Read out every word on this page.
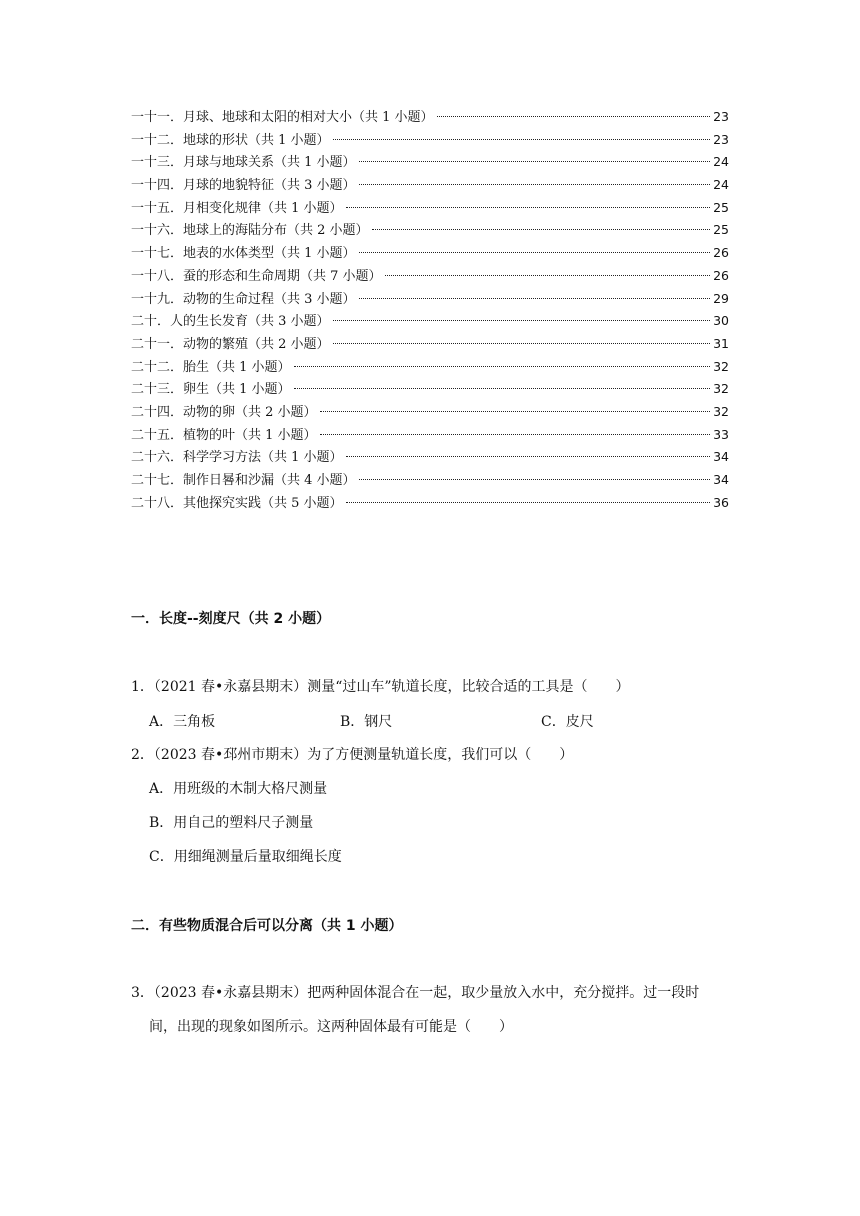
一十一．月球、地球和太阳的相对大小（共 1 小题）	23
一十二．地球的形状（共 1 小题）	23
一十三．月球与地球关系（共 1 小题）	24
一十四．月球的地貌特征（共 3 小题）	24
一十五．月相变化规律（共 1 小题）	25
一十六．地球上的海陆分布（共 2 小题）	25
一十七．地表的水体类型（共 1 小题）	26
一十八．蚕的形态和生命周期（共 7 小题）	26
一十九．动物的生命过程（共 3 小题）	29
二十．人的生长发育（共 3 小题）	30
二十一．动物的繁殖（共 2 小题）	31
二十二．胎生（共 1 小题）	32
二十三．卵生（共 1 小题）	32
二十四．动物的卵（共 2 小题）	32
二十五．植物的叶（共 1 小题）	33
二十六．科学学习方法（共 1 小题）	34
二十七．制作日晷和沙漏（共 4 小题）	34
二十八．其他探究实践（共 5 小题）	36
一．长度--刻度尺（共 2 小题）
1．（2021 春•永嘉县期末）测量“过山车”轨道长度，比较合适的工具是（　　）
A．三角板	B．钢尺	C．皮尺
2．（2023 春•邳州市期末）为了方便测量轨道长度，我们可以（　　）
A．用班级的木制大格尺测量
B．用自己的塑料尺子测量
C．用细绳测量后量取细绳长度
二．有些物质混合后可以分离（共 1 小题）
3．（2023 春•永嘉县期末）把两种固体混合在一起，取少量放入水中，充分搅拌。过一段时
间，出现的现象如图所示。这两种固体最有可能是（　　）
